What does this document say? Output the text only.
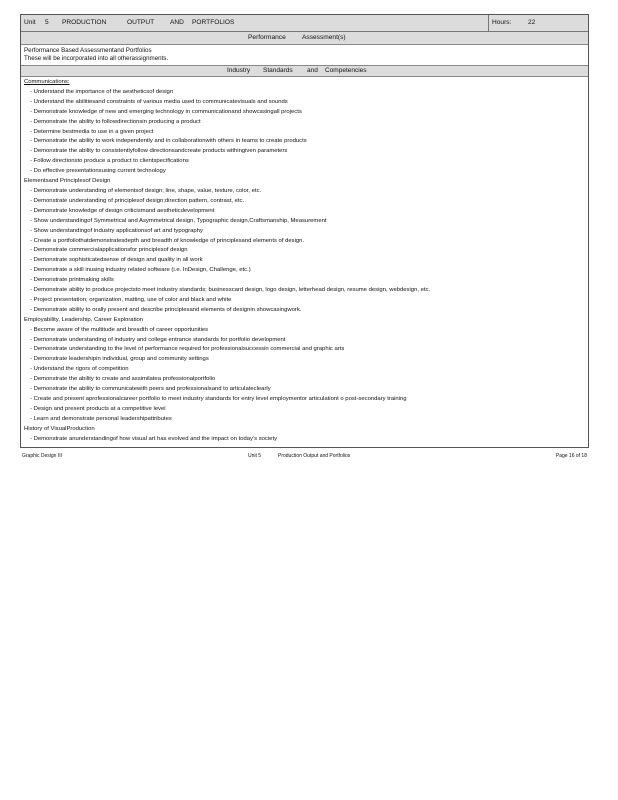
Unit 5 PRODUCTION	OUTPUT AND PORTFOLIOS	Hours:	22
Performance Assessment(s)
Performance Based Assessmentand Portfolios
These will be incorporated into all otherassignments.
Industry Standards and Competencies
Communications:
- Understand the importance of the aestheticsof design
- Understand the abilitiesand constraints of various media used to communicatevisuals and sounds
- Demonstrate knowledge of new and emerging technology in communicationand showcasingall projects
- Demonstrate the ability to followdirectionsin producing a product
- Determine bestmedia to use in a given project
- Demonstrate the ability to work independently and in collaborationwith others in teams to create products
- Demonstrate the ability to consistentlyfollow directionsandcreate products withingiven parameters
- Follow directionsto produce a product to clientspecifications
- Do effective presentationsusing current technology
Elementsand Principlesof Design
- Demonstrate understanding of elementsof design; line, shape, value, texture, color, etc.
- Demonstrate understanding of principlesof design;direction pattern, contrast, etc.
- Demonstrate knowledge of design criticismand aestheticdevelopment
- Show understandingof Symmetrical and Asymmetrical design, Typographic design,Craftsmanship, Measurement
- Show understandingof industry applicationsof art and typography
- Create a portfoliothatdemonstratesdepth and breadth of knowledge of principlesand elements of design.
- Demonstrate commercialapplicationsfor principlesof design
- Demonstrate sophisticatedsense of design and quality in all work
- Demonstrate a skill inusing industry related software (i.e. InDesign, Challenge, etc.)
- Demonstrate printmaking skills
- Demonstrate ability to produce projectsto meet industry standards; businesscard design, logo design, letterhead design, resume design, webdesign, etc.
- Project presentation; organization, matting, use of color and black and white
- Demonstrate ability to orally present and describe principlesand elements of designin showcasingwork.
Employability, Leadership, Career Exploration
- Become aware of the multitude and breadth of career opportunities
- Demonstrate understanding of industry and college entrance standards for portfolio development
- Demonstrate understanding to the level of performance required for professionalsuccessin commercial and graphic arts
- Demonstrate leadershipin individual, group and community settings
- Understand the rigors of competition
- Demonstrate the ability to create and assimilatea professionalportfolio
- Demonstrate the ability to communicatewith peers and professionalsand to articulateclearly
- Create and present aprofessionalcareer portfolio to meet industry standards for entry level employmentor articulationt o post-secondary training
- Design and present products at a competitive level
- Learn and demonstrate personal leadershipattributes
History of VisualProduction
- Demonstrate anunderstandingof how visual art has evolved and the impact on today's society
Graphic Design III	Unit 5	Production Output and Portfolios	Page 16 of 18
